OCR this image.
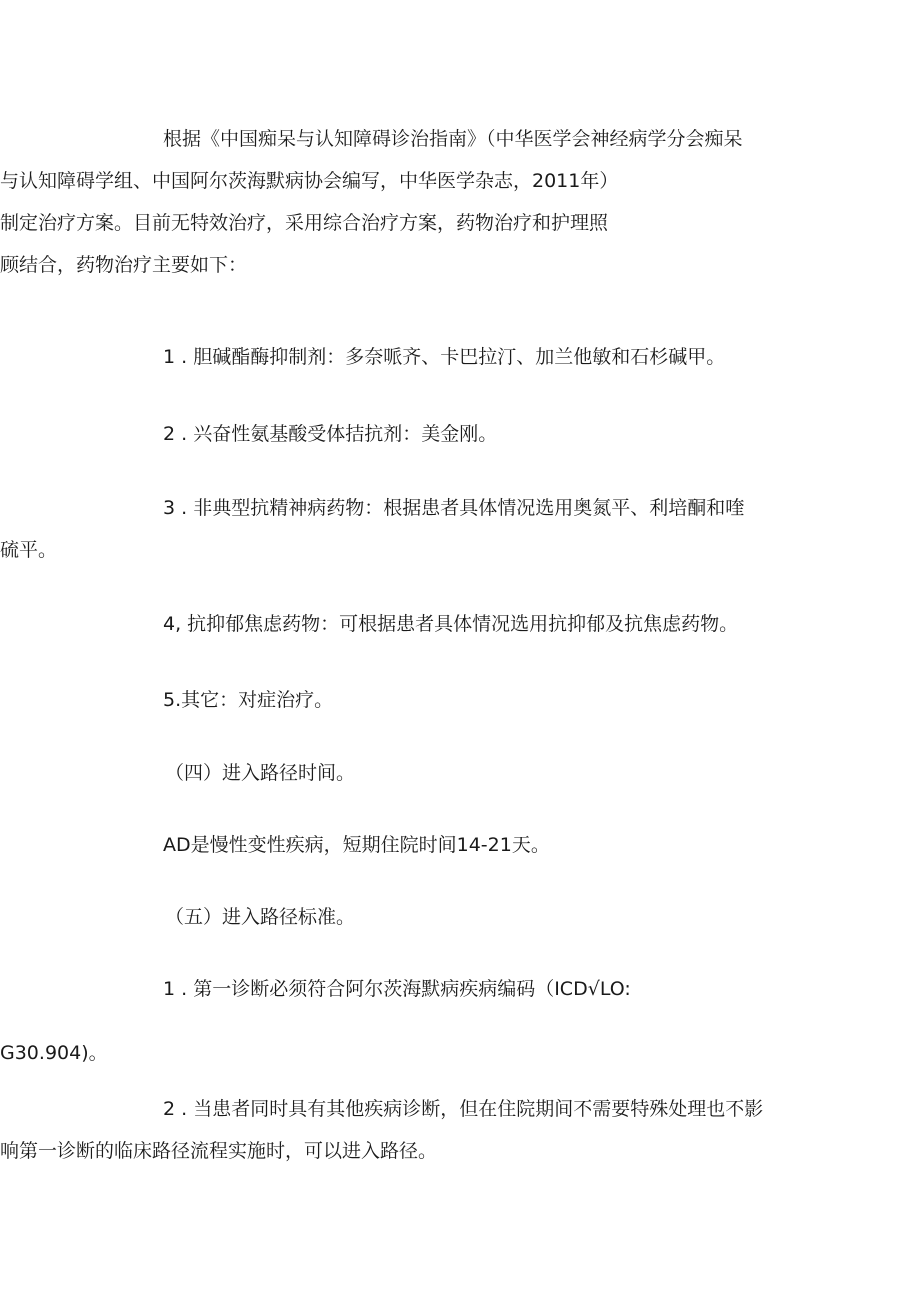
根据《中国痴呆与认知障碍诊治指南》（中华医学会神经病学分会痴呆
与认知障碍学组、中国阿尔茨海默病协会编写，中华医学杂志，2011年）
制定治疗方案。目前无特效治疗，采用综合治疗方案，药物治疗和护理照
顾结合，药物治疗主要如下：
1 . 胆碱酯酶抑制剂：多奈哌齐、卡巴拉汀、加兰他敏和石杉碱甲。
2 . 兴奋性氨基酸受体拮抗剂：美金刚。
3 . 非典型抗精神病药物：根据患者具体情况选用奥氮平、利培酮和喹
硫平。
4, 抗抑郁焦虑药物：可根据患者具体情况选用抗抑郁及抗焦虑药物。
5.其它：对症治疗。
（四）进入路径时间。
AD是慢性变性疾病，短期住院时间14-21天。
（五）进入路径标准。
1 . 第一诊断必须符合阿尔茨海默病疾病编码（ICD√LO:
G30.904)。
2 . 当患者同时具有其他疾病诊断，但在住院期间不需要特殊处理也不影
响第一诊断的临床路径流程实施时，可以进入路径。
